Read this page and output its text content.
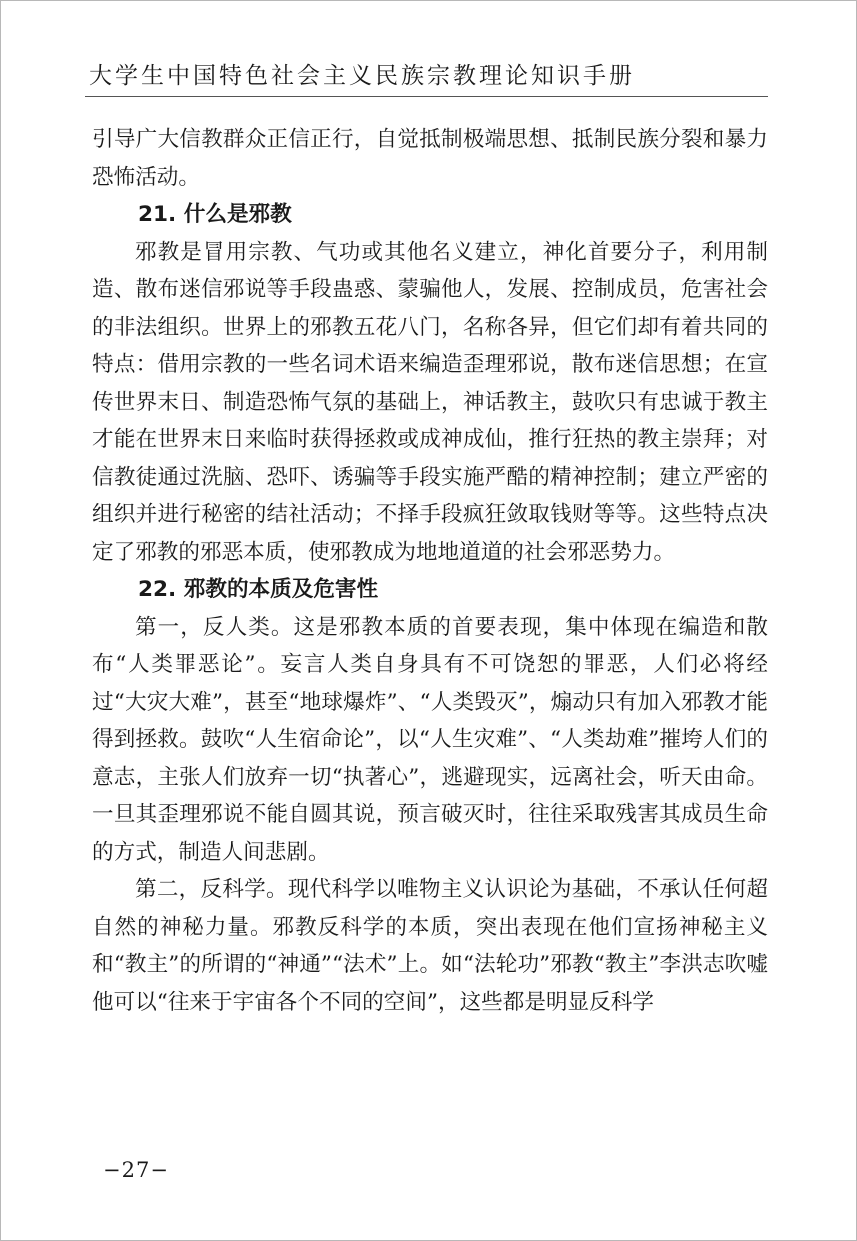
大学生中国特色社会主义民族宗教理论知识手册

引导广大信教群众正信正行，自觉抵制极端思想、抵制民族分裂和暴力恐怖活动。

21. 什么是邪教

邪教是冒用宗教、气功或其他名义建立，神化首要分子，利用制造、散布迷信邪说等手段蛊惑、蒙骗他人，发展、控制成员，危害社会的非法组织。世界上的邪教五花八门，名称各异，但它们却有着共同的特点：借用宗教的一些名词术语来编造歪理邪说，散布迷信思想；在宣传世界末日、制造恐怖气氛的基础上，神话教主，鼓吹只有忠诚于教主才能在世界末日来临时获得拯救或成神成仙，推行狂热的教主崇拜；对信教徒通过洗脑、恐吓、诱骗等手段实施严酷的精神控制；建立严密的组织并进行秘密的结社活动；不择手段疯狂敛取钱财等等。这些特点决定了邪教的邪恶本质，使邪教成为地地道道的社会邪恶势力。

22. 邪教的本质及危害性

第一，反人类。这是邪教本质的首要表现，集中体现在编造和散布“人类罪恶论”。妄言人类自身具有不可饶恕的罪恶，人们必将经过“大灾大难”，甚至“地球爆炸”、“人类毁灭”，煽动只有加入邪教才能得到拯救。鼓吹“人生宿命论”，以“人生灾难”、“人类劫难”摧垮人们的意志，主张人们放弃一切“执著心”，逃避现实，远离社会，听天由命。一旦其歪理邪说不能自圆其说，预言破灭时，往往采取残害其成员生命的方式，制造人间悲剧。

第二，反科学。现代科学以唯物主义认识论为基础，不承认任何超自然的神秘力量。邪教反科学的本质，突出表现在他们宣扬神秘主义和“教主”的所谓的“神通”“法术”上。如“法轮功”邪教“教主”李洪志吹嘘他可以“往来于宇宙各个不同的空间”，这些都是明显反科学

−27−
